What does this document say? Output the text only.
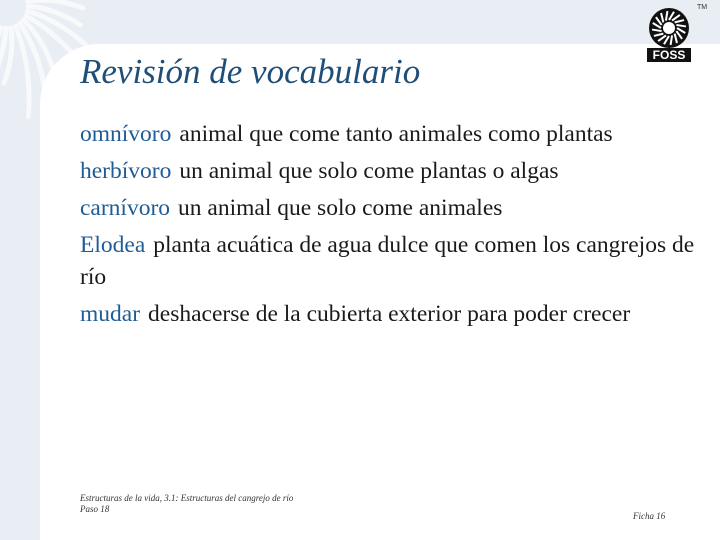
FOSS
TM
Revisión de vocabulario

omnívoro animal que come tanto animales como plantas

herbívoro un animal que solo come plantas o algas

carnívoro un animal que solo come animales

Elodea planta acuática de agua dulce que comen los cangrejos de río

mudar deshacerse de la cubierta exterior para poder crecer

Estructuras de la vida, 3.1: Estructuras del cangrejo de río
Paso 18
Ficha 16
